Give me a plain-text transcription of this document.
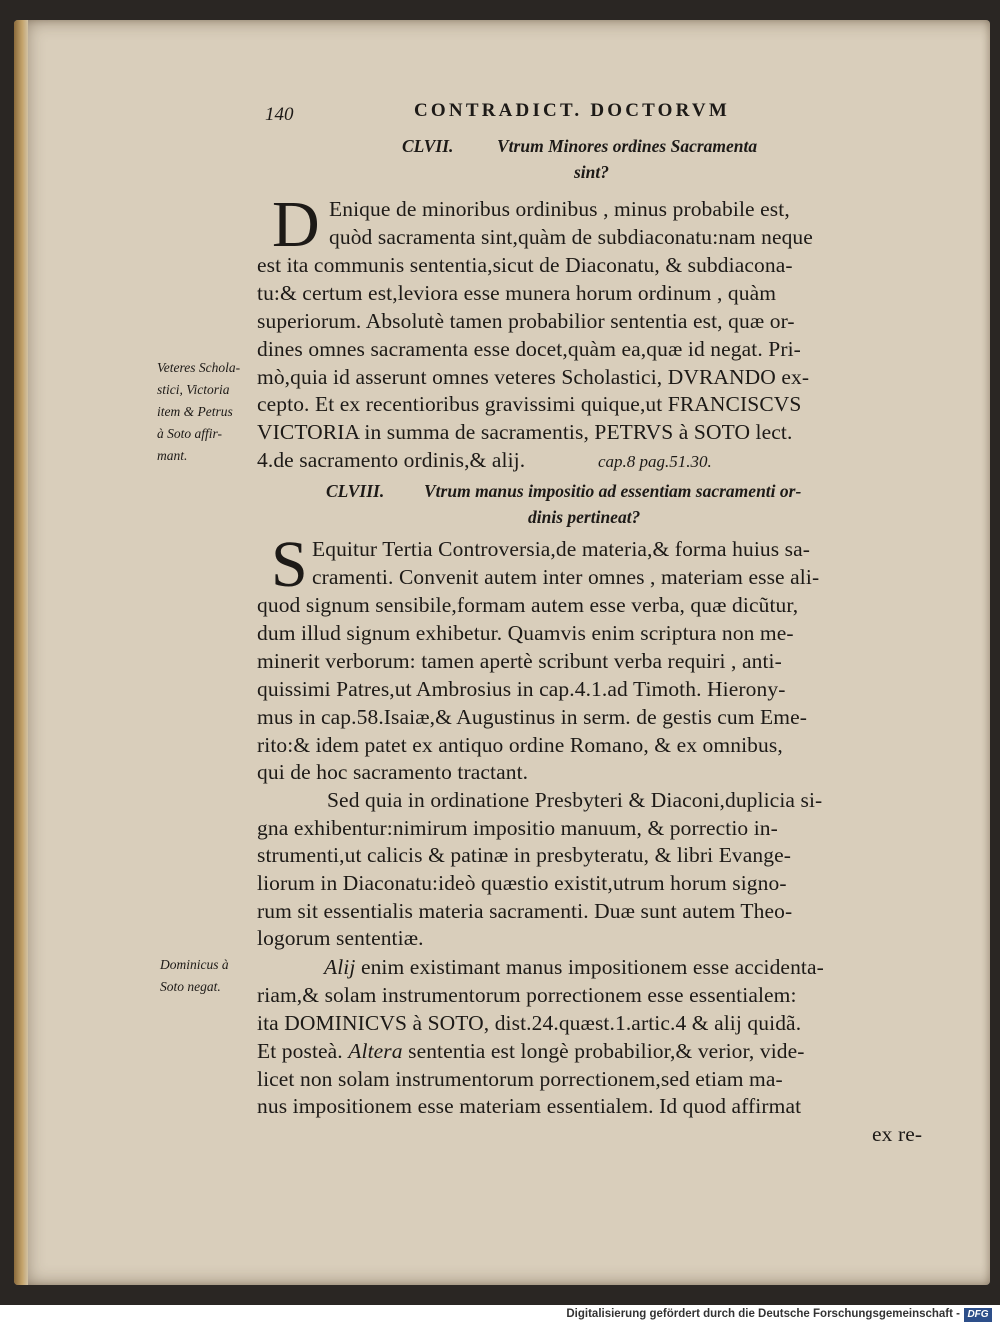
140	CONTRADICT. DOCTORVM
CLVII. Vtrum Minores ordines Sacramenta
sint?
D Enique de minoribus ordinibus , minus probabile est,
quòd sacramenta sint,quàm de subdiaconatu:nam neque
est ita communis sententia,sicut de Diaconatu, & subdiacona-
tu:& certum est,leviora esse munera horum ordinum , quàm
superiorum. Absolutè tamen probabilior sententia est, quæ or-
dines omnes sacramenta esse docet,quàm ea,quæ id negat. Pri-
mò,quia id asserunt omnes veteres Scholastici, DVRANDO ex-
cepto. Et ex recentioribus gravissimi quique,ut FRANCISCVS
VICTORIA in summa de sacramentis, PETRVS à SOTO lect.
4.de sacramento ordinis,& alij.	cap.8 pag.51.30.
Veteres Schola-
stici, Victoria
item & Petrus
à Soto affir-
mant.
CLVIII. Vtrum manus impositio ad essentiam sacramenti or-
dinis pertineat?
S Equitur Tertia Controversia,de materia,& forma huius sa-
cramenti. Convenit autem inter omnes , materiam esse ali-
quod signum sensibile,formam autem esse verba, quæ dicũtur,
dum illud signum exhibetur. Quamvis enim scriptura non me-
minerit verborum: tamen apertè scribunt verba requiri , anti-
quissimi Patres,ut Ambrosius in cap.4.1.ad Timoth. Hierony-
mus in cap.58.Isaiæ,& Augustinus in serm. de gestis cum Eme-
rito:& idem patet ex antiquo ordine Romano, & ex omnibus,
qui de hoc sacramento tractant.
Sed quia in ordinatione Presbyteri & Diaconi,duplicia si-
gna exhibentur:nimirum impositio manuum, & porrectio in-
strumenti,ut calicis & patinæ in presbyteratu, & libri Evange-
liorum in Diaconatu:ideò quæstio existit,utrum horum signo-
rum sit essentialis materia sacramenti. Duæ sunt autem Theo-
logorum sententiæ.
Alij enim existimant manus impositionem esse accidenta-
riam,& solam instrumentorum porrectionem esse essentialem:
ita DOMINICVS à SOTO, dist.24.quæst.1.artic.4 & alij quidã.
Et posteà. Altera sententia est longè probabilior,& verior, vide-
licet non solam instrumentorum porrectionem,sed etiam ma-
nus impositionem esse materiam essentialem. Id quod affirmat
ex re-
Dominicus à
Soto negat.
Digitalisierung gefördert durch die Deutsche Forschungsgemeinschaft - DFG
